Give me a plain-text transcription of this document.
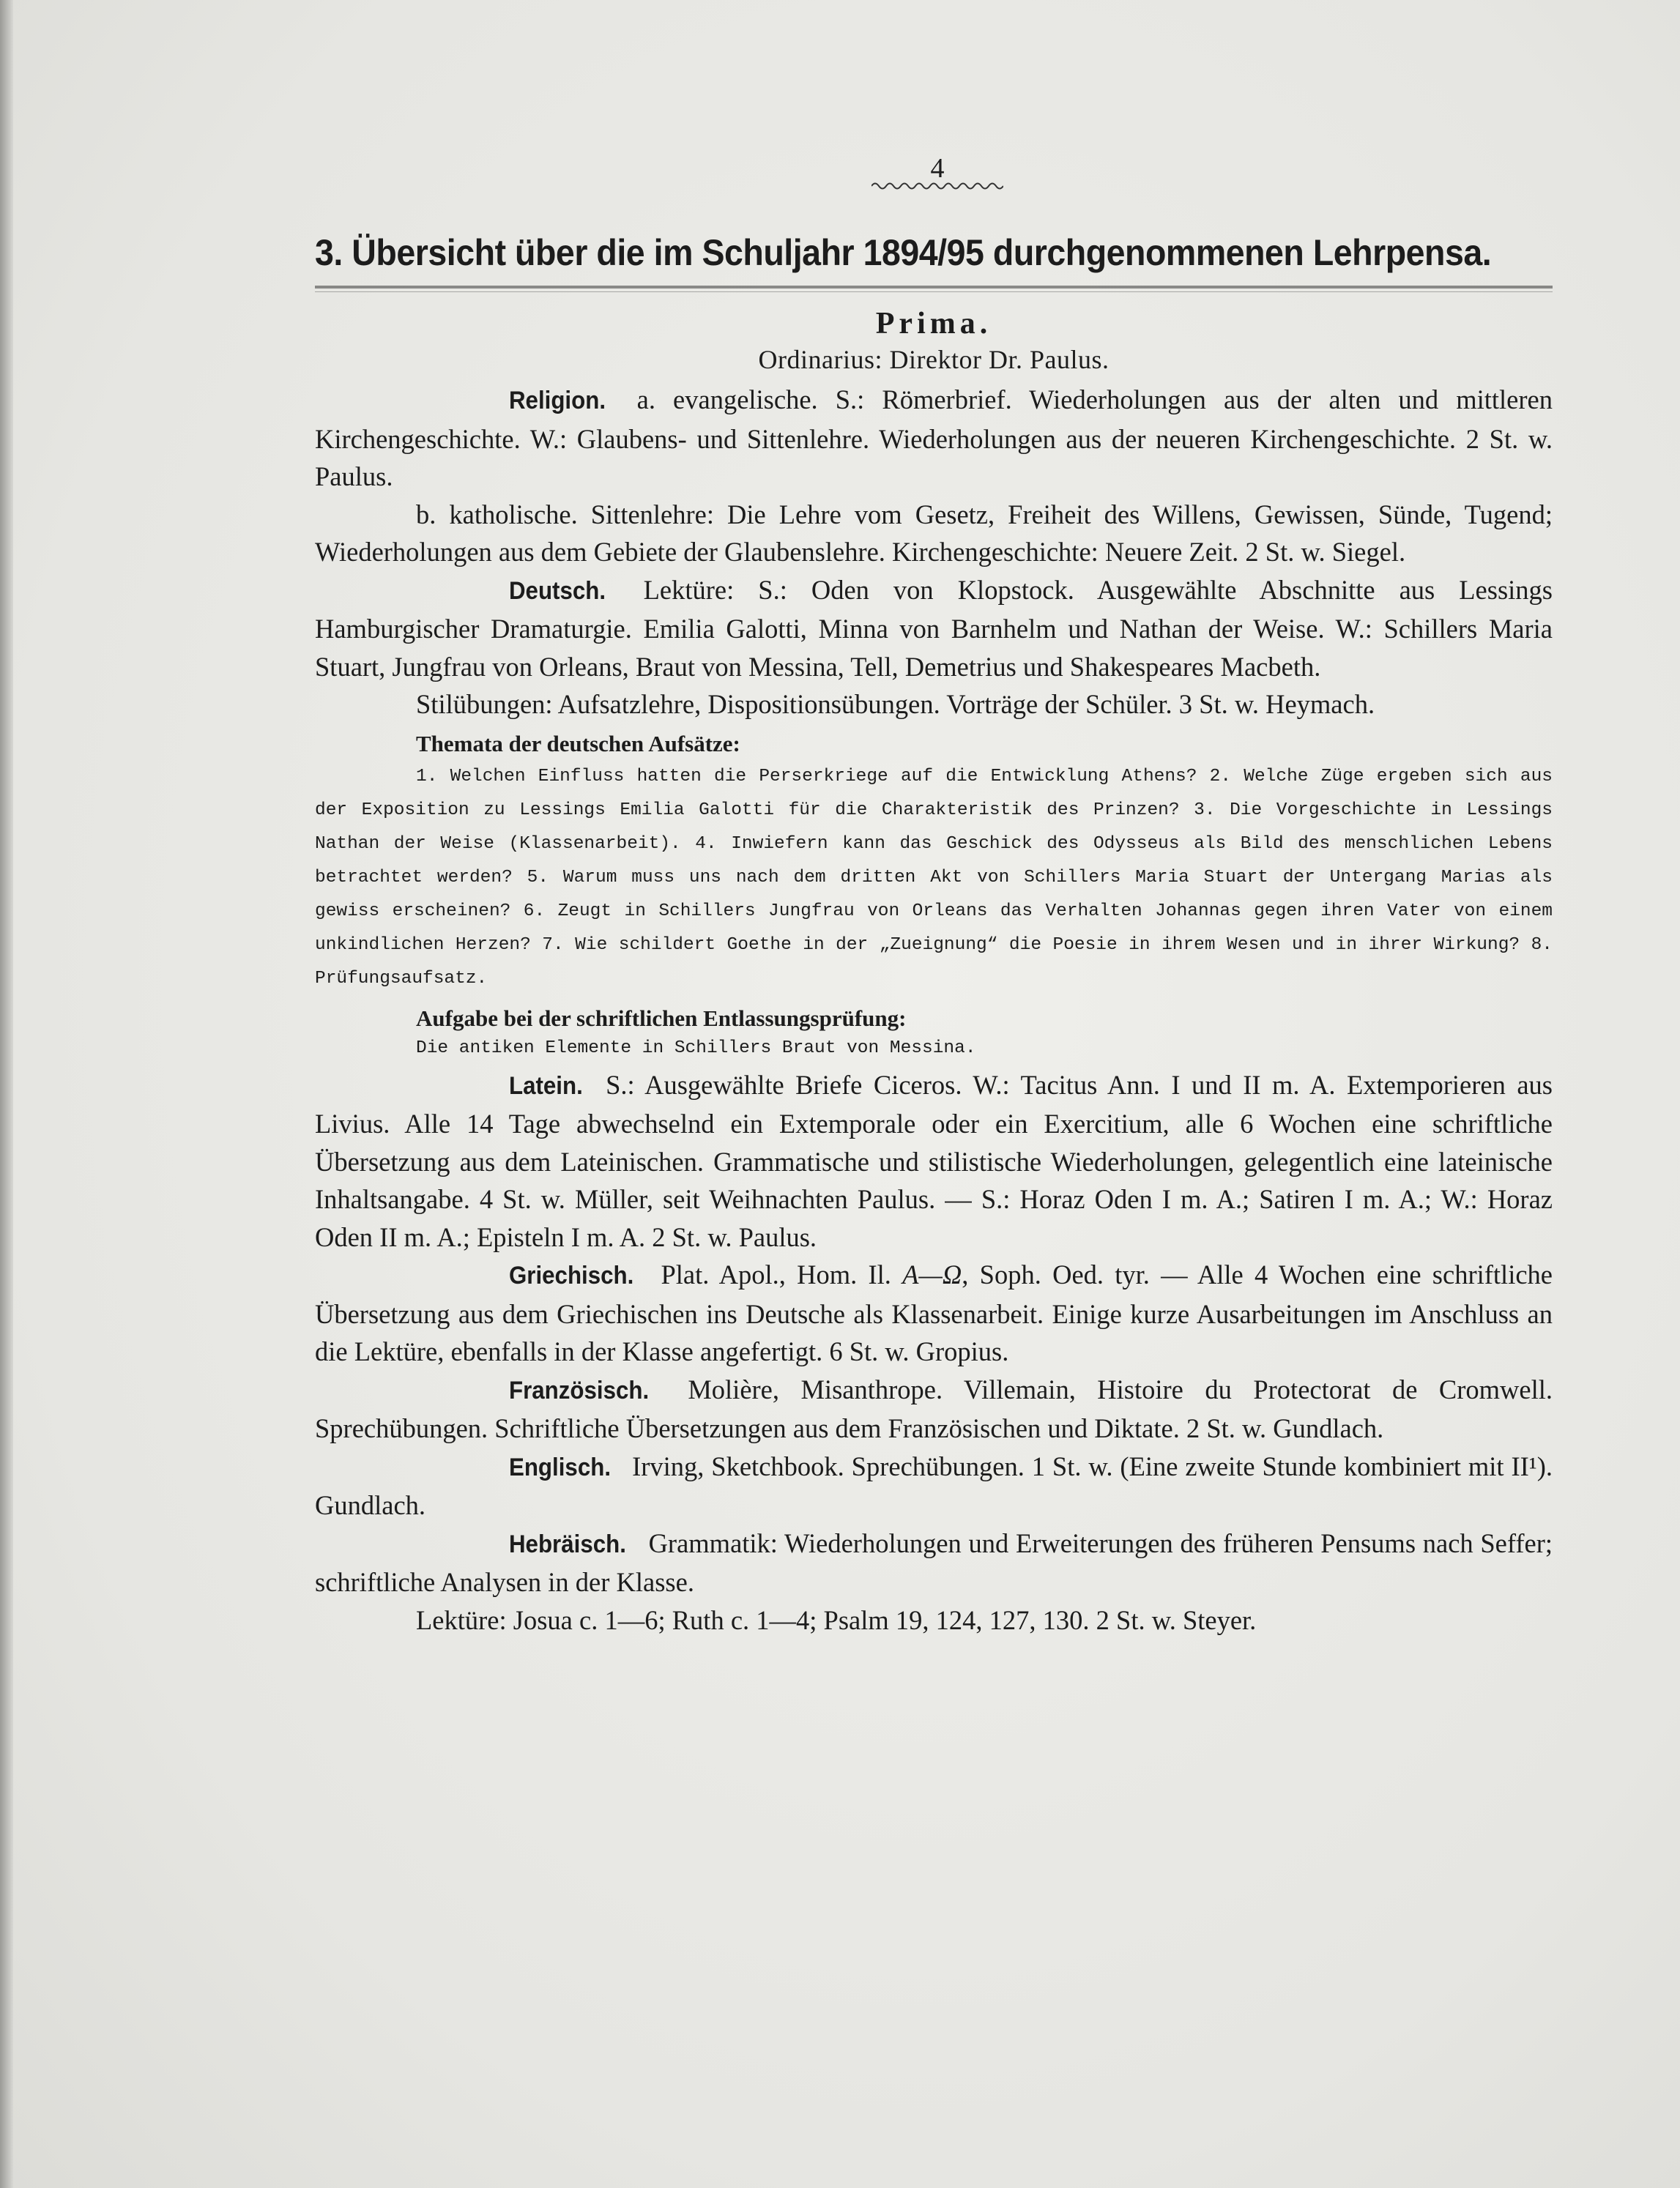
4
3. Übersicht über die im Schuljahr 1894/95 durchgenommenen Lehrpensa.
Prima.
Ordinarius: Direktor Dr. Paulus.

Religion. a. evangelische. S.: Römerbrief. Wiederholungen aus der alten und mittleren Kirchengeschichte. W.: Glaubens- und Sittenlehre. Wiederholungen aus der neueren Kirchengeschichte. 2 St. w. Paulus.

b. katholische. Sittenlehre: Die Lehre vom Gesetz, Freiheit des Willens, Gewissen, Sünde, Tugend; Wiederholungen aus dem Gebiete der Glaubenslehre. Kirchengeschichte: Neuere Zeit. 2 St. w. Siegel.

Deutsch. Lektüre: S.: Oden von Klopstock. Ausgewählte Abschnitte aus Lessings Hamburgischer Dramaturgie. Emilia Galotti, Minna von Barnhelm und Nathan der Weise. W.: Schillers Maria Stuart, Jungfrau von Orleans, Braut von Messina, Tell, Demetrius und Shakespeares Macbeth.

Stilübungen: Aufsatzlehre, Dispositionsübungen. Vorträge der Schüler. 3 St. w. Heymach.

Themata der deutschen Aufsätze:

1. Welchen Einfluss hatten die Perserkriege auf die Entwicklung Athens? 2. Welche Züge ergeben sich aus der Exposition zu Lessings Emilia Galotti für die Charakteristik des Prinzen? 3. Die Vorgeschichte in Lessings Nathan der Weise (Klassenarbeit). 4. Inwiefern kann das Geschick des Odysseus als Bild des menschlichen Lebens betrachtet werden? 5. Warum muss uns nach dem dritten Akt von Schillers Maria Stuart der Untergang Marias als gewiss erscheinen? 6. Zeugt in Schillers Jungfrau von Orleans das Verhalten Johannas gegen ihren Vater von einem unkindlichen Herzen? 7. Wie schildert Goethe in der „Zueignung“ die Poesie in ihrem Wesen und in ihrer Wirkung? 8. Prüfungsaufsatz.

Aufgabe bei der schriftlichen Entlassungsprüfung:
Die antiken Elemente in Schillers Braut von Messina.

Latein. S.: Ausgewählte Briefe Ciceros. W.: Tacitus Ann. I und II m. A. Extemporieren aus Livius. Alle 14 Tage abwechselnd ein Extemporale oder ein Exercitium, alle 6 Wochen eine schriftliche Übersetzung aus dem Lateinischen. Grammatische und stilistische Wiederholungen, gelegentlich eine lateinische Inhaltsangabe. 4 St. w. Müller, seit Weihnachten Paulus. — S.: Horaz Oden I m. A.; Satiren I m. A.; W.: Horaz Oden II m. A.; Episteln I m. A. 2 St. w. Paulus.

Griechisch. Plat. Apol., Hom. Il. Α—Ω, Soph. Oed. tyr. — Alle 4 Wochen eine schriftliche Übersetzung aus dem Griechischen ins Deutsche als Klassenarbeit. Einige kurze Ausarbeitungen im Anschluss an die Lektüre, ebenfalls in der Klasse angefertigt. 6 St. w. Gropius.

Französisch. Molière, Misanthrope. Villemain, Histoire du Protectorat de Cromwell. Sprechübungen. Schriftliche Übersetzungen aus dem Französischen und Diktate. 2 St. w. Gundlach.

Englisch. Irving, Sketchbook. Sprechübungen. 1 St. w. (Eine zweite Stunde kombiniert mit II¹). Gundlach.

Hebräisch. Grammatik: Wiederholungen und Erweiterungen des früheren Pensums nach Seffer; schriftliche Analysen in der Klasse.

Lektüre: Josua c. 1—6; Ruth c. 1—4; Psalm 19, 124, 127, 130. 2 St. w. Steyer.
